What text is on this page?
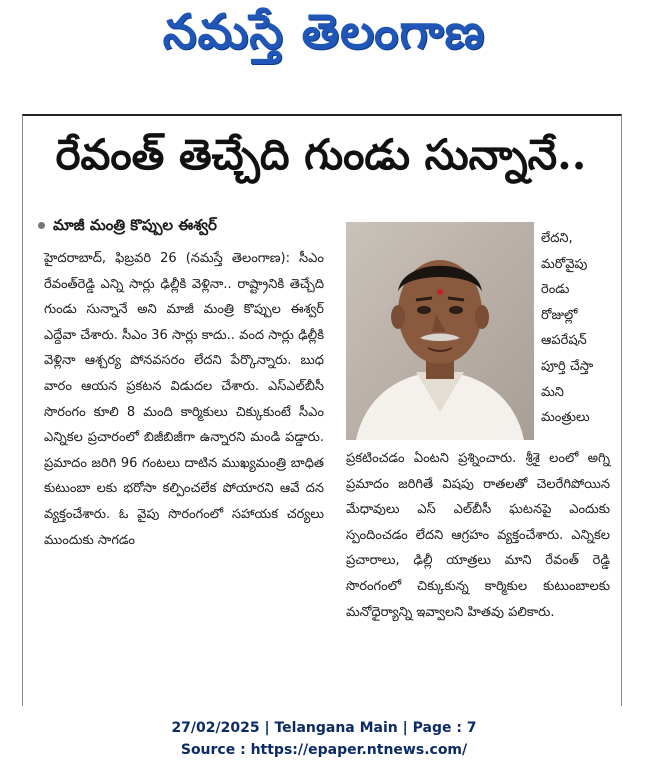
నమస్తే తెలంగాణ
రేవంత్ తెచ్చేది గుండు సున్నానే..
మాజీ మంత్రి కొప్పుల ఈశ్వర్

హైదరాబాద్, ఫిబ్రవరి 26 (నమస్తే తెలంగాణ): సీఎం రేవంత్‌రెడ్డి ఎన్ని సార్లు ఢిల్లీకి వెళ్లినా.. రాష్ట్రానికి తెచ్చేది గుండు సున్నానే అని మాజీ మంత్రి కొప్పుల ఈశ్వర్ ఎద్దేవా చేశారు. సీఎం 36 సార్లు కాదు.. వంద సార్లు ఢిల్లీకి వెళ్లినా ఆశ్చర్య పోనవసరం లేదని పేర్కొన్నారు. బుధ వారం ఆయన ప్రకటన విడుదల చేశారు. ఎస్‌ఎల్‌బీసీ సొరంగం కూలి 8 మంది కార్మికులు చిక్కుకుంటే సీఎం ఎన్నికల ప్రచారంలో బిజీబిజీగా ఉన్నారని మండి పడ్డారు. ప్రమాదం జరిగి 96 గంటలు దాటిన ముఖ్యమంత్రి బాధిత కుటుంబా లకు భరోసా కల్పించలేక పోయారని ఆవే దన వ్యక్తంచేశారు. ఓ వైపు సొరంగంలో సహాయక చర్యలు ముందుకు సాగడం

లేదని,
మరోవైపు
రెండు
రోజుల్లో
ఆపరేషన్
పూర్తి చేస్తా
మని
మంత్రులు

ప్రకటించడం ఏంటని ప్రశ్నించారు. శ్రీశై లంలో అగ్ని ప్రమాదం జరిగితే విషపు రాతలతో చెలరేగిపోయిన మేధావులు ఎస్ ఎల్‌బీసీ ఘటనపై ఎందుకు స్పందించడం లేదని ఆగ్రహం వ్యక్తంచేశారు. ఎన్నికల ప్రచారాలు, ఢిల్లీ యాత్రలు మాని రేవంత్ రెడ్డి సొరంగంలో చిక్కుకున్న కార్మికుల కుటుంబాలకు మనోధైర్యాన్ని ఇవ్వాలని హితవు పలికారు.

27/02/2025 | Telangana Main | Page : 7
Source : https://epaper.ntnews.com/
